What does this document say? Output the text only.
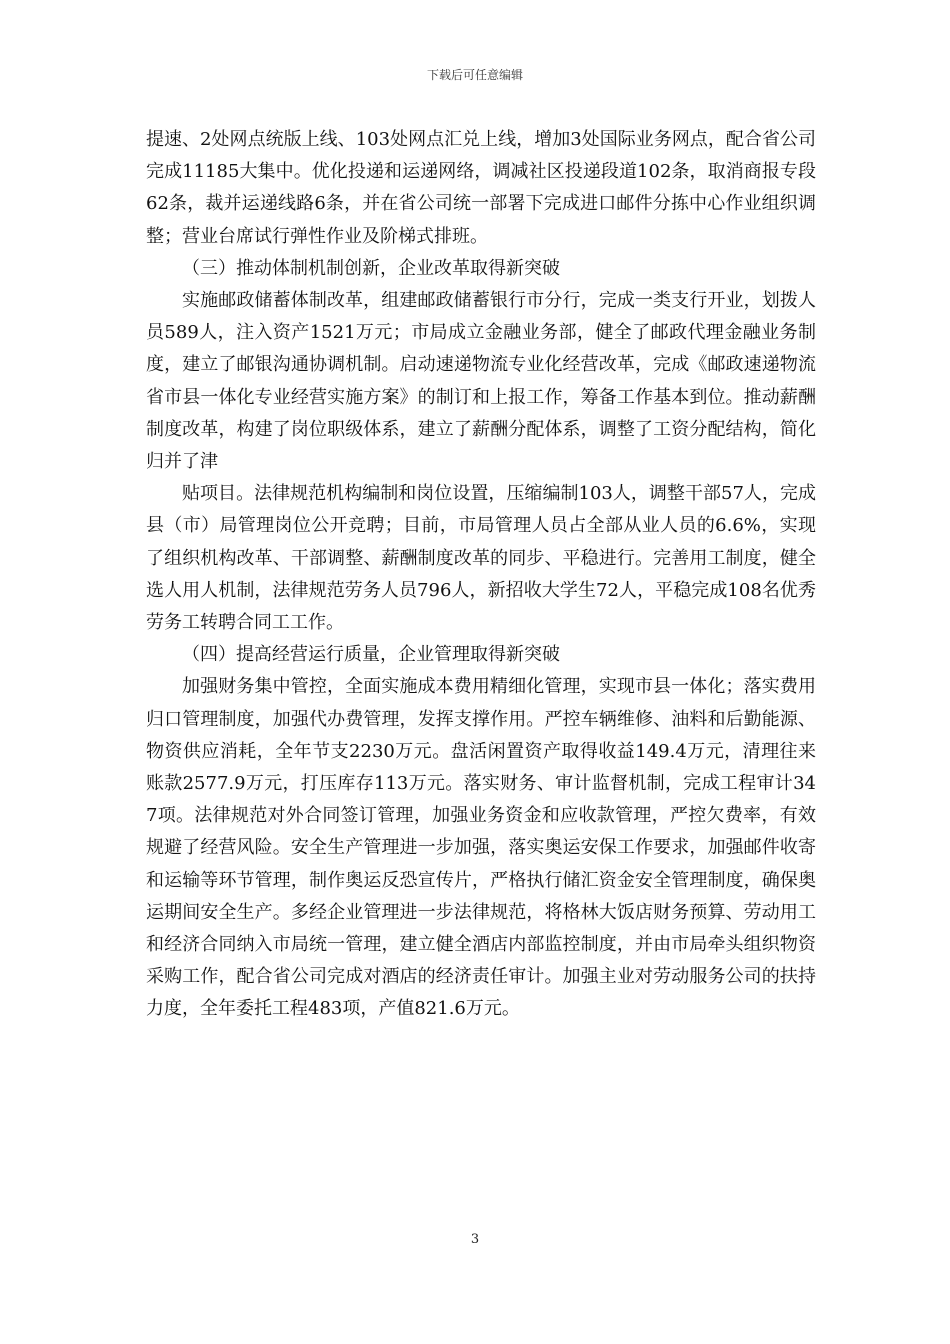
下载后可任意编辑

提速、2处网点统版上线、103处网点汇兑上线，增加3处国际业务网点，配合省公司完成11185大集中。优化投递和运递网络，调减社区投递段道102条，取消商报专段62条，裁并运递线路6条，并在省公司统一部署下完成进口邮件分拣中心作业组织调整；营业台席试行弹性作业及阶梯式排班。

（三）推动体制机制创新，企业改革取得新突破

实施邮政储蓄体制改革，组建邮政储蓄银行市分行，完成一类支行开业，划拨人员589人，注入资产1521万元；市局成立金融业务部，健全了邮政代理金融业务制度，建立了邮银沟通协调机制。启动速递物流专业化经营改革，完成《邮政速递物流省市县一体化专业经营实施方案》的制订和上报工作，筹备工作基本到位。推动薪酬制度改革，构建了岗位职级体系，建立了薪酬分配体系，调整了工资分配结构，简化归并了津

贴项目。法律规范机构编制和岗位设置，压缩编制103人，调整干部57人，完成县（市）局管理岗位公开竞聘；目前，市局管理人员占全部从业人员的6.6%，实现了组织机构改革、干部调整、薪酬制度改革的同步、平稳进行。完善用工制度，健全选人用人机制，法律规范劳务人员796人，新招收大学生72人，平稳完成108名优秀劳务工转聘合同工工作。

（四）提高经营运行质量，企业管理取得新突破

加强财务集中管控，全面实施成本费用精细化管理，实现市县一体化；落实费用归口管理制度，加强代办费管理，发挥支撑作用。严控车辆维修、油料和后勤能源、物资供应消耗，全年节支2230万元。盘活闲置资产取得收益149.4万元，清理往来账款2577.9万元，打压库存113万元。落实财务、审计监督机制，完成工程审计347项。法律规范对外合同签订管理，加强业务资金和应收款管理，严控欠费率，有效规避了经营风险。安全生产管理进一步加强，落实奥运安保工作要求，加强邮件收寄和运输等环节管理，制作奥运反恐宣传片，严格执行储汇资金安全管理制度，确保奥运期间安全生产。多经企业管理进一步法律规范，将格林大饭店财务预算、劳动用工和经济合同纳入市局统一管理，建立健全酒店内部监控制度，并由市局牵头组织物资采购工作，配合省公司完成对酒店的经济责任审计。加强主业对劳动服务公司的扶持力度，全年委托工程483项，产值821.6万元。

3
